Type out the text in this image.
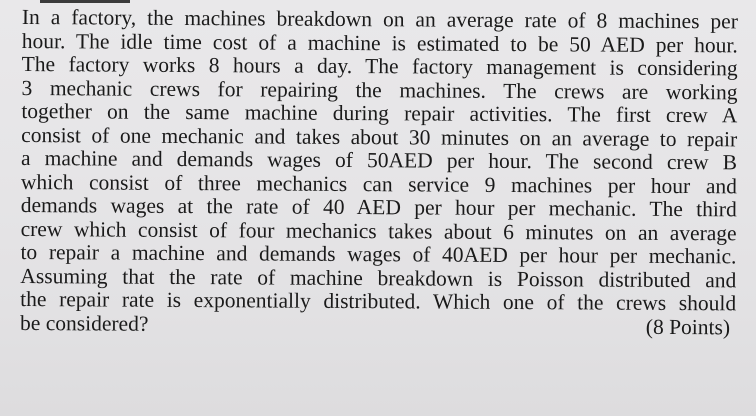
In a factory, the machines breakdown on an average rate of 8 machines per
hour. The idle time cost of a machine is estimated to be 50 AED per hour.
The factory works 8 hours a day. The factory management is considering
3 mechanic crews for repairing the machines. The crews are working
together on the same machine during repair activities. The first crew A
consist of one mechanic and takes about 30 minutes on an average to repair
a machine and demands wages of 50AED per hour. The second crew B
which consist of three mechanics can service 9 machines per hour and
demands wages at the rate of 40 AED per hour per mechanic. The third
crew which consist of four mechanics takes about 6 minutes on an average
to repair a machine and demands wages of 40AED per hour per mechanic.
Assuming that the rate of machine breakdown is Poisson distributed and
the repair rate is exponentially distributed. Which one of the crews should
be considered?	(8 Points)
